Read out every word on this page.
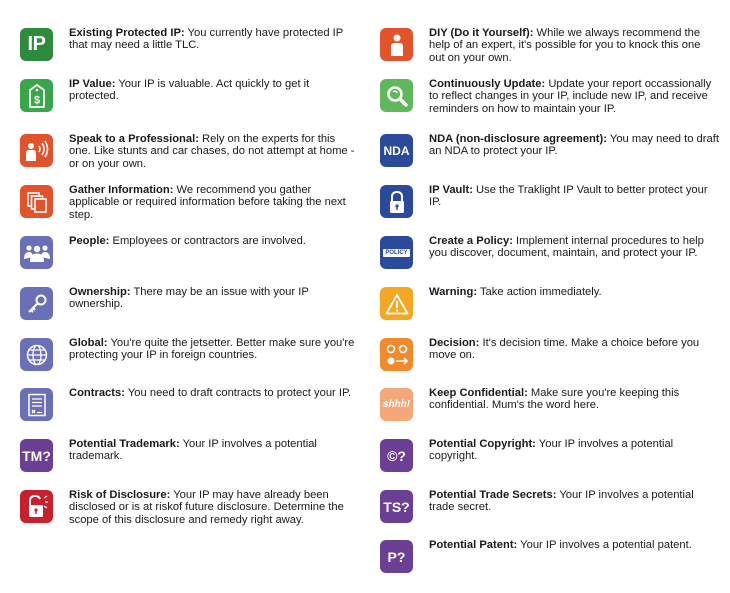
IP Existing Protected IP: You currently have protected IP that may need a little TLC.
$
IP Value: Your IP is valuable. Act quickly to get it protected.
Speak to a Professional: Rely on the experts for this one. Like stunts and car chases, do not attempt at home - or on your own.
Gather Information: We recommend you gather applicable or required information before taking the next step.
People: Employees or contractors are involved.
Ownership: There may be an issue with your IP ownership.
Global: You're quite the jetsetter. Better make sure you're protecting your IP in foreign countries.
Contracts: You need to draft contracts to protect your IP.
TM?
Potential Trademark: Your IP involves a potential trademark.
Risk of Disclosure: Your IP may have already been disclosed or is at riskof future disclosure. Determine the scope of this disclosure and remedy right away.
DIY (Do it Yourself): While we always recommend the help of an expert, it's possible for you to knock this one out on your own.
Continuously Update: Update your report occassionally to reflect changes in your IP, include new IP, and receive reminders on how to maintain your IP.
NDA
NDA (non-disclosure agreement): You may need to draft an NDA to protect your IP.
IP Vault: Use the Traklight IP Vault to better protect your IP.
POLICY
Create a Policy: Implement internal procedures to help you discover, document, maintain, and protect your IP.
Warning: Take action immediately.
Decision: It's decision time. Make a choice before you move on.
shhh!
Keep Confidential: Make sure you're keeping this confidential. Mum's the word here.
©?
Potential Copyright: Your IP involves a potential copyright.
TS?
Potential Trade Secrets: Your IP involves a potential trade secret.
P?
Potential Patent: Your IP involves a potential patent.
